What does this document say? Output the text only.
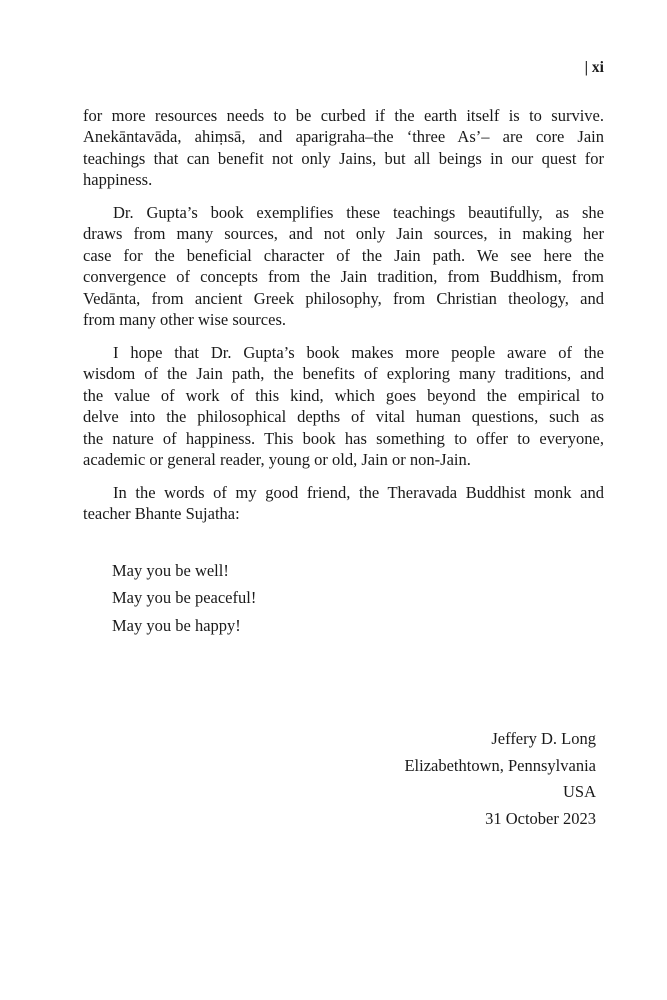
| xi
for more resources needs to be curbed if the earth itself is to survive.
Anekāntavāda, ahiṃsā, and aparigraha–the ‘three As’– are core Jain
teachings that can benefit not only Jains, but all beings in our quest for
happiness.
Dr. Gupta’s book exemplifies these teachings beautifully, as she
draws from many sources, and not only Jain sources, in making her
case for the beneficial character of the Jain path. We see here the
convergence of concepts from the Jain tradition, from Buddhism, from
Vedānta, from ancient Greek philosophy, from Christian theology, and
from many other wise sources.
I hope that Dr. Gupta’s book makes more people aware of the
wisdom of the Jain path, the benefits of exploring many traditions, and
the value of work of this kind, which goes beyond the empirical to
delve into the philosophical depths of vital human questions, such as
the nature of happiness. This book has something to offer to everyone,
academic or general reader, young or old, Jain or non-Jain.
In the words of my good friend, the Theravada Buddhist monk and
teacher Bhante Sujatha:
May you be well!
May you be peaceful!
May you be happy!
Jeffery D. Long
Elizabethtown, Pennsylvania
USA
31 October 2023
